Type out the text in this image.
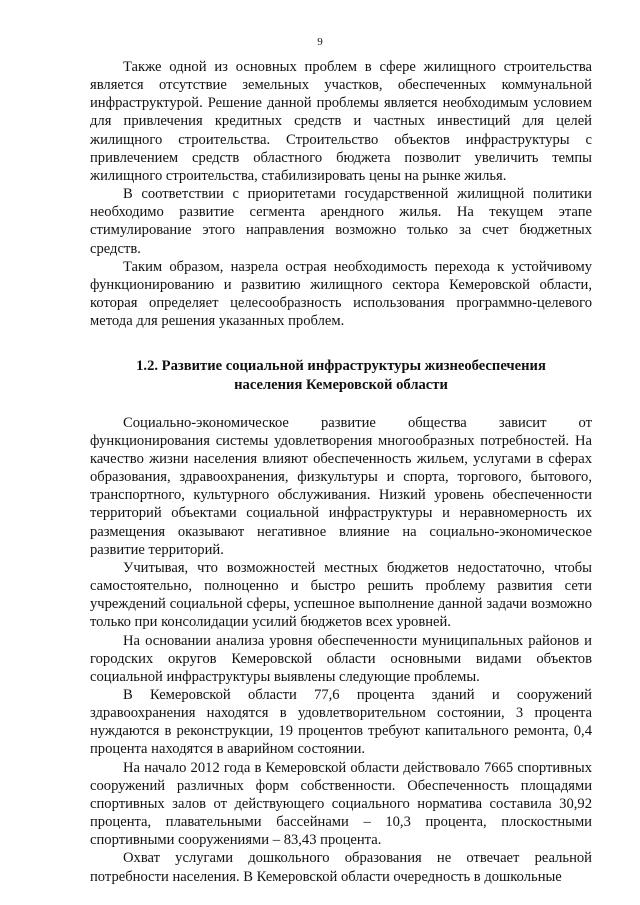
9

Также одной из основных проблем в сфере жилищного строительства является отсутствие земельных участков, обеспеченных коммунальной инфраструктурой. Решение данной проблемы является необходимым условием для привлечения кредитных средств и частных инвестиций для целей жилищного строительства. Строительство объектов инфраструктуры с привлечением средств областного бюджета позволит увеличить темпы жилищного строительства, стабилизировать цены на рынке жилья.

В соответствии с приоритетами государственной жилищной политики необходимо развитие сегмента арендного жилья. На текущем этапе стимулирование этого направления возможно только за счет бюджетных средств.

Таким образом, назрела острая необходимость перехода к устойчивому функционированию и развитию жилищного сектора Кемеровской области, которая определяет целесообразность использования программно-целевого метода для решения указанных проблем.

1.2. Развитие социальной инфраструктуры жизнеобеспечения
населения Кемеровской области

Социально-экономическое развитие общества зависит от функционирования системы удовлетворения многообразных потребностей. На качество жизни населения влияют обеспеченность жильем, услугами в сферах образования, здравоохранения, физкультуры и спорта, торгового, бытового, транспортного, культурного обслуживания. Низкий уровень обеспеченности территорий объектами социальной инфраструктуры и неравномерность их размещения оказывают негативное влияние на социально-экономическое развитие территорий.

Учитывая, что возможностей местных бюджетов недостаточно, чтобы самостоятельно, полноценно и быстро решить проблему развития сети учреждений социальной сферы, успешное выполнение данной задачи возможно только при консолидации усилий бюджетов всех уровней.

На основании анализа уровня обеспеченности муниципальных районов и городских округов Кемеровской области основными видами объектов социальной инфраструктуры выявлены следующие проблемы.

В Кемеровской области 77,6 процента зданий и сооружений здравоохранения находятся в удовлетворительном состоянии, 3 процента нуждаются в реконструкции, 19 процентов требуют капитального ремонта, 0,4 процента находятся в аварийном состоянии.

На начало 2012 года в Кемеровской области действовало 7665 спортивных сооружений различных форм собственности. Обеспеченность площадями спортивных залов от действующего социального норматива составила 30,92 процента, плавательными бассейнами – 10,3 процента, плоскостными спортивными сооружениями – 83,43 процента.

Охват услугами дошкольного образования не отвечает реальной потребности населения. В Кемеровской области очередность в дошкольные
